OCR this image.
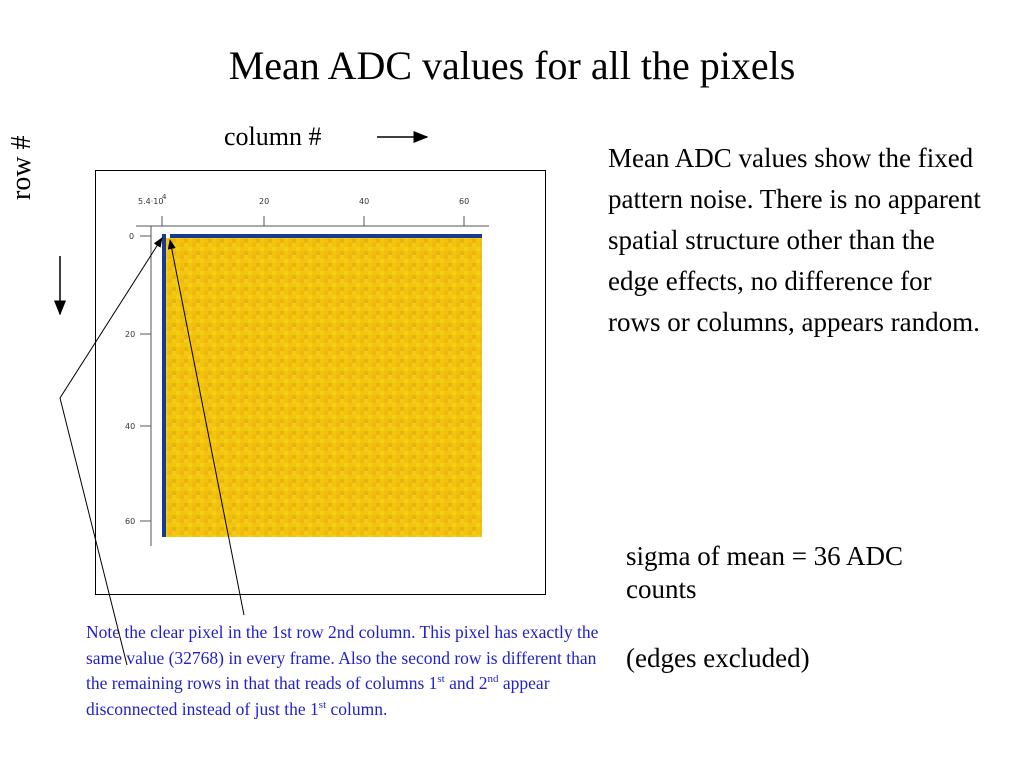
Mean ADC values for all the pixels
column #
row #
5.4·10
4	20	40	60
0
20
40
60
Mean ADC values show the fixed pattern noise. There is no apparent spatial structure other than the edge effects, no difference for rows or columns, appears random.
sigma of mean = 36 ADC counts
(edges excluded)
Note the clear pixel in the 1st row 2nd column. This pixel has exactly the same value (32768) in every frame. Also the second row is different than the remaining rows in that that reads of columns 1st and 2nd appear disconnected instead of just the 1st column.
